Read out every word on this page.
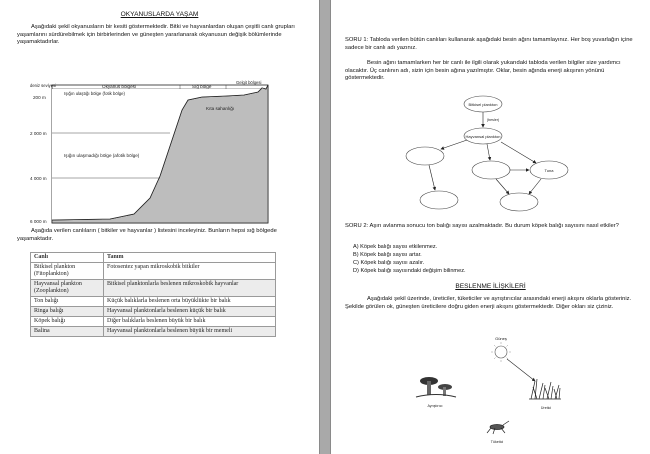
OKYANUSLARDA YAŞAM
Aşağıdaki şekil okyanusların bir kesiti göstermektedir. Bitki ve hayvanlardan oluşan çeşitli canlı grupları yaşamlarını sürdürebilmek için birbirlerinden ve güneşten yararlanarak okyanusun değişik bölümlerinde yaşamaktadırlar.
deniz seviyesi
200 m
2 000 m
4 000 m
6 000 m
Okyanus bölgesi	Sığ bölge
Gelgit bölgesi
Işığın ulaştığı bölge (fotik bölge)
Işığın ulaşmadığı bölge (afotik bölge)
Kıta sahanlığı
Aşağıda verilen canlıların ( bitkiler ve hayvanlar ) listesini inceleyiniz. Bunların hepsi sığ bölgede yaşamaktadır.
Canlı	Tanım
Bitkisel plankton (Fitoplankton)	Fotosentez yapan mikroskobik bitkiler
Hayvansal plankton (Zooplankton)	Bitkisel planktonlarla beslenen mikroskobik hayvanlar
Ton balığı	Küçük balıklarla beslenen orta büyüklükte bir balık
Ringa balığı	Hayvansal planktonlarla beslenen küçük bir balık
Köpek balığı	Diğer balıklarla beslenen büyük bir balık
Balina	Hayvansal planktonlarla beslenen büyük bir memeli
SORU 1: Tabloda verilen bütün canlıları kullanarak aşağıdaki besin ağını tamamlayınız. Her boş yuvarlağın içine sadece bir canlı adı yazınız.
Besin ağını tamamlarken her bir canlı ile ilgili olarak yukarıdaki tabloda verilen bilgiler size yardımcı olacaktır. Üç canlının adı, sizin için besin ağına yazılmıştır. Oklar, besin ağında enerji akışının yönünü göstermektedir.
Bitkisel plankton
(besler)
Hayvansal plankton
Tuna
SORU 2: Aşırı avlanma sonucu ton balığı sayısı azalmaktadır. Bu durum köpek balığı sayısını nasıl etkiler?
A) Köpek balığı sayısı etkilenmez.
B) Köpek balığı sayısı artar.
C) Köpek balığı sayısı azalır.
D) Köpek balığı sayısındaki değişim bilinmez.
BESLENME İLİŞKİLERİ
Aşağıdaki şekil üzerinde, üreticiler, tüketiciler ve ayrıştırıcılar arasındaki enerji akışını oklarla gösteriniz. Şekilde görülen ok, güneşten üreticilere doğru giden enerji akışını göstermektedir. Diğer okları siz çiziniz.
Güneş
Ayrıştırıcı	Üretici
Tüketici
